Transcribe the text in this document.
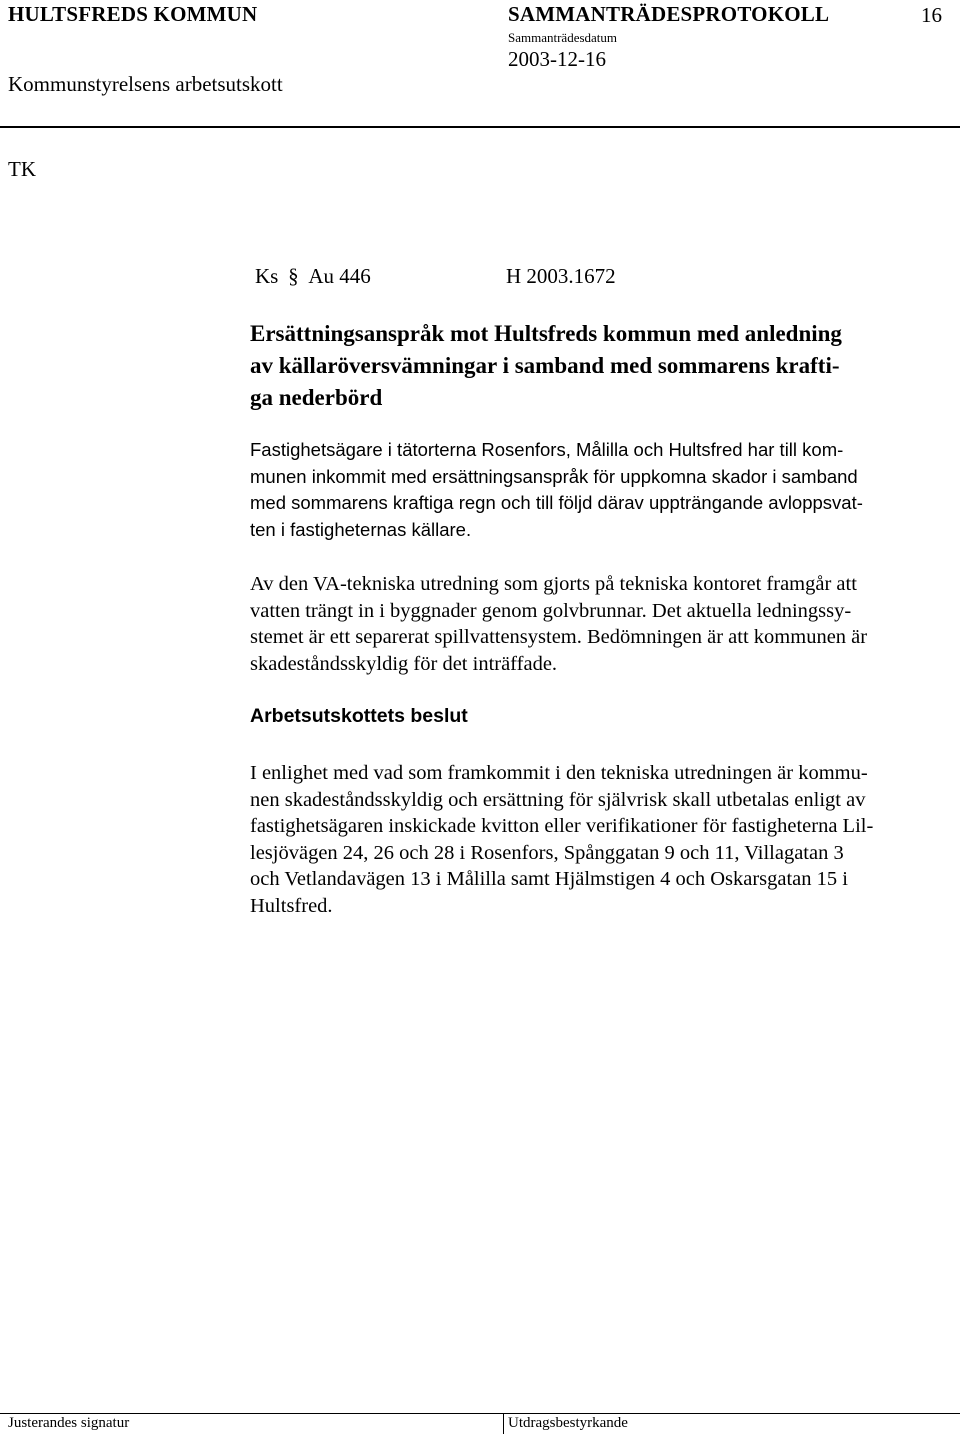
HULTSFREDS KOMMUN	SAMMANTRÄDESPROTOKOLL	16
Sammanträdesdatum
2003-12-16
Kommunstyrelsens arbetsutskott
TK
Ks § Au 446	H 2003.1672
Ersättningsanspråk mot Hultsfreds kommun med anledning
av källaröversvämningar i samband med sommarens krafti-
ga nederbörd

Fastighetsägare i tätorterna Rosenfors, Målilla och Hultsfred har till kom-
munen inkommit med ersättningsanspråk för uppkomna skador i samband
med sommarens kraftiga regn och till följd därav uppträngande avloppsvat-
ten i fastigheternas källare.

Av den VA-tekniska utredning som gjorts på tekniska kontoret framgår att
vatten trängt in i byggnader genom golvbrunnar. Det aktuella ledningssy-
stemet är ett separerat spillvattensystem. Bedömningen är att kommunen är
skadeståndsskyldig för det inträffade.

Arbetsutskottets beslut

I enlighet med vad som framkommit i den tekniska utredningen är kommu-
nen skadeståndsskyldig och ersättning för självrisk skall utbetalas enligt av
fastighetsägaren inskickade kvitton eller verifikationer för fastigheterna Lil-
lesjövägen 24, 26 och 28 i Rosenfors, Spånggatan 9 och 11, Villagatan 3
och Vetlandavägen 13 i Målilla samt Hjälmstigen 4 och Oskarsgatan 15 i
Hultsfred.

Justerandes signatur	Utdragsbestyrkande
